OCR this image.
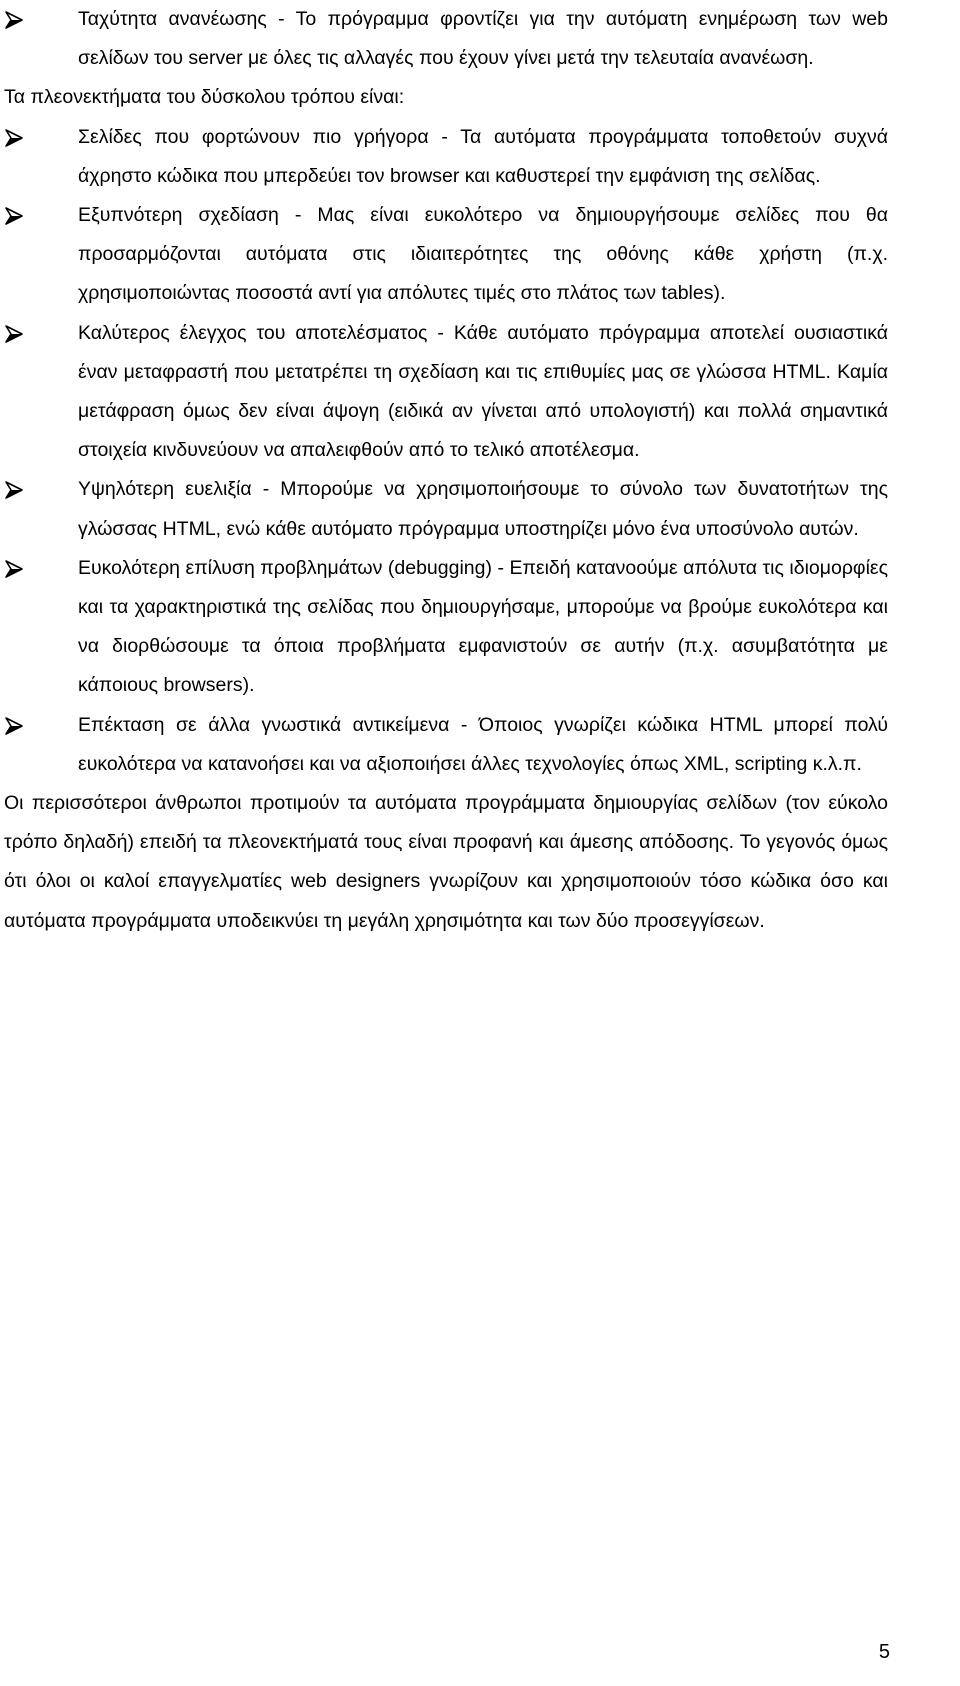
Ταχύτητα ανανέωσης - Το πρόγραμμα φροντίζει για την αυτόματη ενημέρωση των web σελίδων του server με όλες τις αλλαγές που έχουν γίνει μετά την τελευταία ανανέωση.

Τα πλεονεκτήματα του δύσκολου τρόπου είναι:

Σελίδες που φορτώνουν πιο γρήγορα - Τα αυτόματα προγράμματα τοποθετούν συχνά άχρηστο κώδικα που μπερδεύει τον browser και καθυστερεί την εμφάνιση της σελίδας.
Εξυπνότερη σχεδίαση - Μας είναι ευκολότερο να δημιουργήσουμε σελίδες που θα προσαρμόζονται αυτόματα στις ιδιαιτερότητες της οθόνης κάθε χρήστη (π.χ. χρησιμοποιώντας ποσοστά αντί για απόλυτες τιμές στο πλάτος των tables).
Καλύτερος έλεγχος του αποτελέσματος - Κάθε αυτόματο πρόγραμμα αποτελεί ουσιαστικά έναν μεταφραστή που μετατρέπει τη σχεδίαση και τις επιθυμίες μας σε γλώσσα HTML. Καμία μετάφραση όμως δεν είναι άψογη (ειδικά αν γίνεται από υπολογιστή) και πολλά σημαντικά στοιχεία κινδυνεύουν να απαλειφθούν από το τελικό αποτέλεσμα.
Υψηλότερη ευελιξία - Μπορούμε να χρησιμοποιήσουμε το σύνολο των δυνατοτήτων της γλώσσας HTML, ενώ κάθε αυτόματο πρόγραμμα υποστηρίζει μόνο ένα υποσύνολο αυτών.
Ευκολότερη επίλυση προβλημάτων (debugging) - Επειδή κατανοούμε απόλυτα τις ιδιομορφίες και τα χαρακτηριστικά της σελίδας που δημιουργήσαμε, μπορούμε να βρούμε ευκολότερα και να διορθώσουμε τα όποια προβλήματα εμφανιστούν σε αυτήν (π.χ. ασυμβατότητα με κάποιους browsers).
Επέκταση σε άλλα γνωστικά αντικείμενα - Όποιος γνωρίζει κώδικα HTML μπορεί πολύ ευκολότερα να κατανοήσει και να αξιοποιήσει άλλες τεχνολογίες όπως XML, scripting κ.λ.π.

Οι περισσότεροι άνθρωποι προτιμούν τα αυτόματα προγράμματα δημιουργίας σελίδων (τον εύκολο τρόπο δηλαδή) επειδή τα πλεονεκτήματά τους είναι προφανή και άμεσης απόδοσης. Το γεγονός όμως ότι όλοι οι καλοί επαγγελματίες web designers γνωρίζουν και χρησιμοποιούν τόσο κώδικα όσο και αυτόματα προγράμματα υποδεικνύει τη μεγάλη χρησιμότητα και των δύο προσεγγίσεων.

5
